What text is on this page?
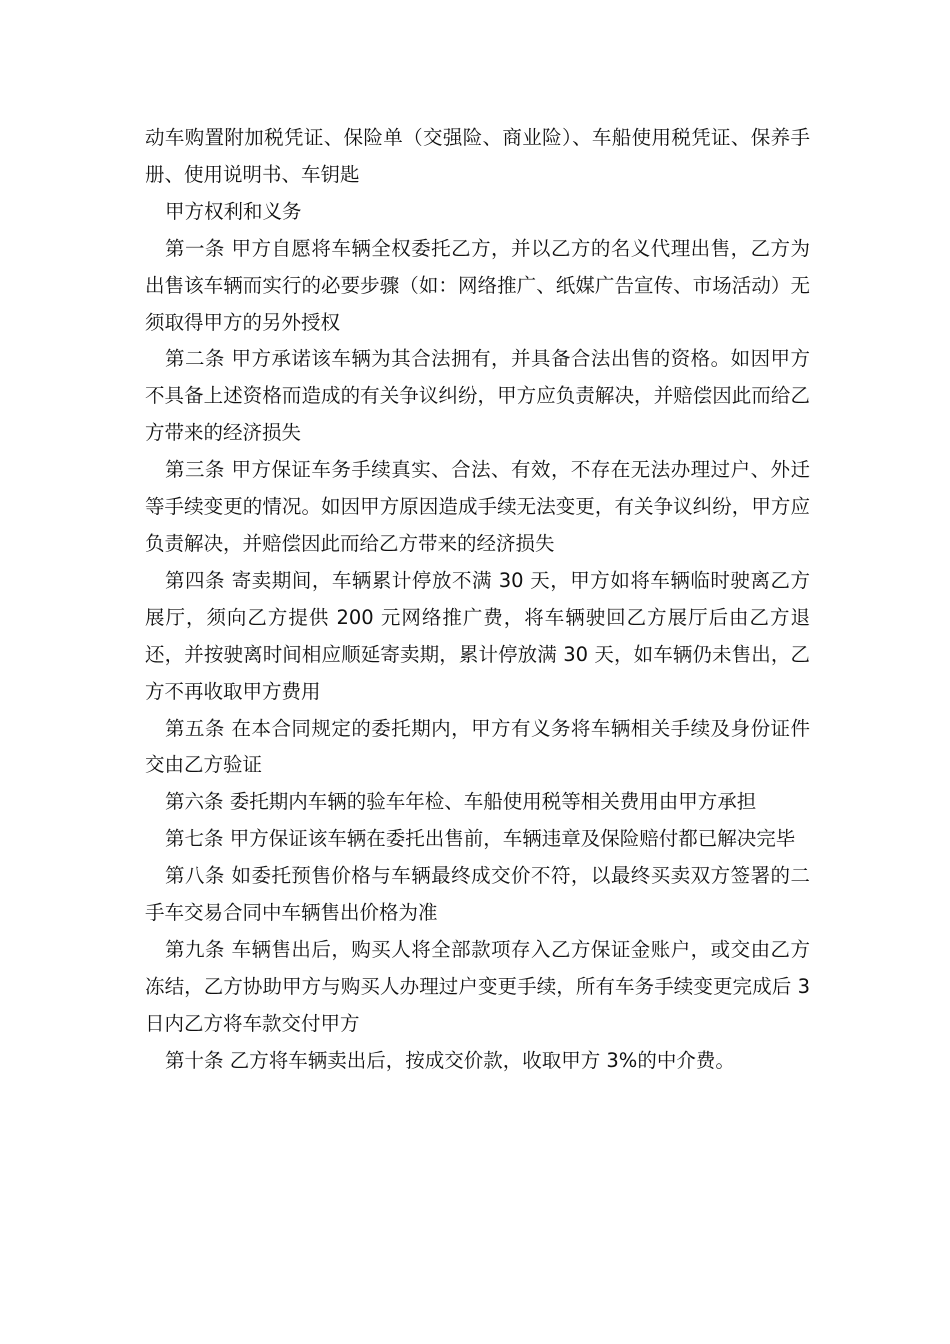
动车购置附加税凭证、保险单（交强险、商业险）、车船使用税凭证、保养手册、使用说明书、车钥匙

甲方权利和义务

第一条 甲方自愿将车辆全权委托乙方，并以乙方的名义代理出售，乙方为出售该车辆而实行的必要步骤（如：网络推广、纸媒广告宣传、市场活动）无须取得甲方的另外授权

第二条 甲方承诺该车辆为其合法拥有，并具备合法出售的资格。如因甲方不具备上述资格而造成的有关争议纠纷，甲方应负责解决，并赔偿因此而给乙方带来的经济损失

第三条 甲方保证车务手续真实、合法、有效，不存在无法办理过户、外迁等手续变更的情况。如因甲方原因造成手续无法变更，有关争议纠纷，甲方应负责解决，并赔偿因此而给乙方带来的经济损失

第四条 寄卖期间，车辆累计停放不满 30 天，甲方如将车辆临时驶离乙方展厅，须向乙方提供 200 元网络推广费，将车辆驶回乙方展厅后由乙方退还，并按驶离时间相应顺延寄卖期，累计停放满 30 天，如车辆仍未售出，乙方不再收取甲方费用

第五条 在本合同规定的委托期内，甲方有义务将车辆相关手续及身份证件交由乙方验证

第六条 委托期内车辆的验车年检、车船使用税等相关费用由甲方承担

第七条 甲方保证该车辆在委托出售前，车辆违章及保险赔付都已解决完毕

第八条 如委托预售价格与车辆最终成交价不符，以最终买卖双方签署的二手车交易合同中车辆售出价格为准

第九条 车辆售出后，购买人将全部款项存入乙方保证金账户，或交由乙方冻结，乙方协助甲方与购买人办理过户变更手续，所有车务手续变更完成后 3 日内乙方将车款交付甲方

第十条 乙方将车辆卖出后，按成交价款，收取甲方 3%的中介费。
